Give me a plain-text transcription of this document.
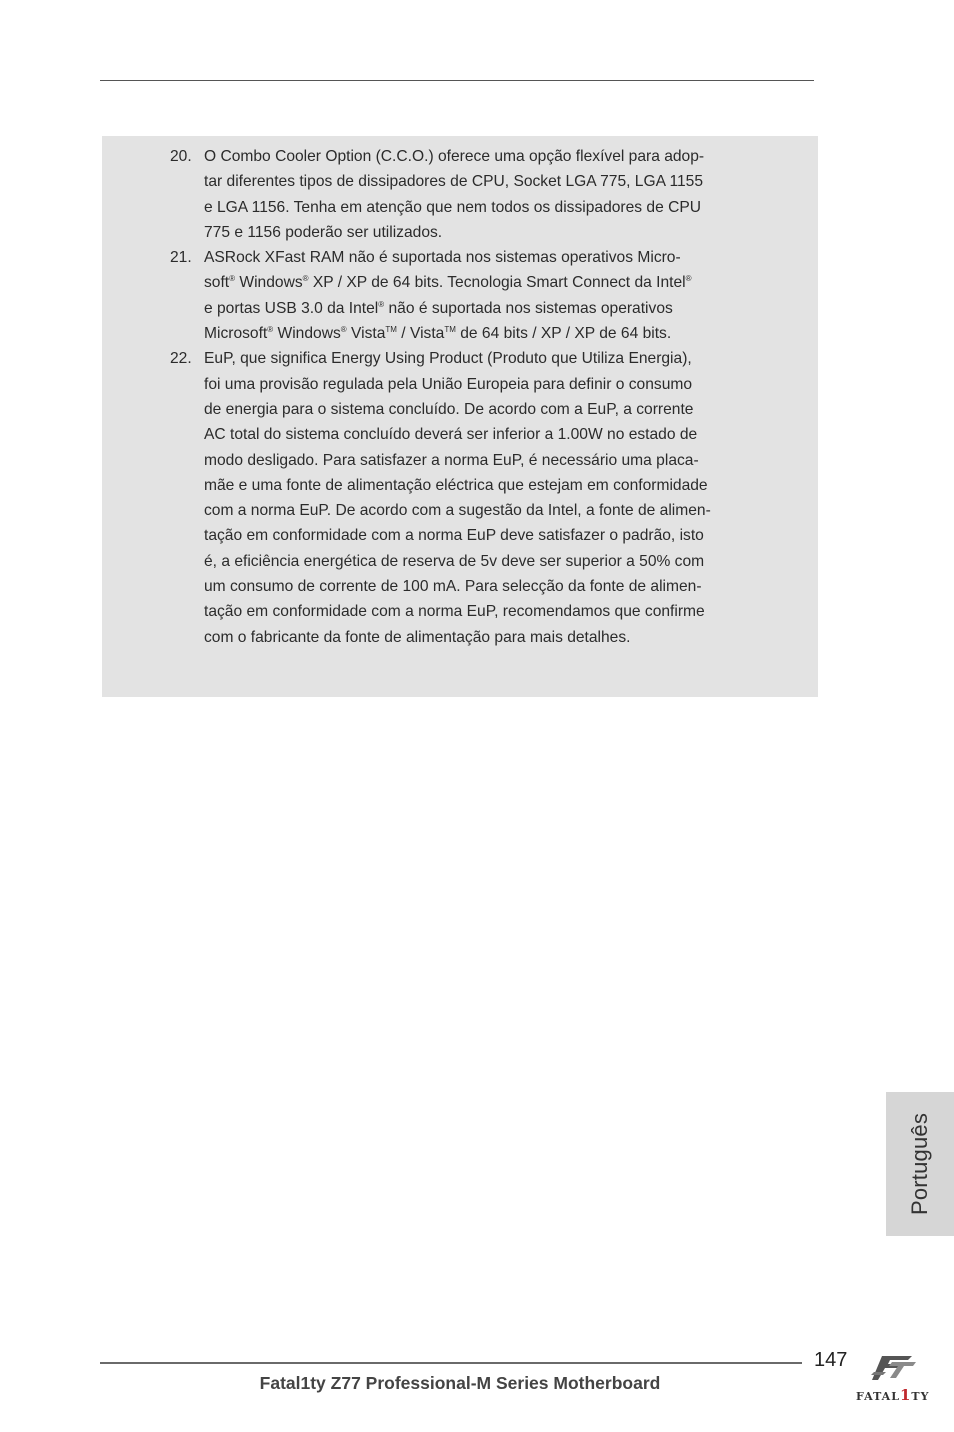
20. O Combo Cooler Option (C.C.O.) oferece uma opção flexível para adop-
tar diferentes tipos de dissipadores de CPU, Socket LGA 775, LGA 1155
e LGA 1156. Tenha em atenção que nem todos os dissipadores de CPU
775 e 1156 poderão ser utilizados.
21. ASRock XFast RAM não é suportada nos sistemas operativos Micro-
soft® Windows® XP / XP de 64 bits. Tecnologia Smart Connect da Intel®
e portas USB 3.0 da Intel® não é suportada nos sistemas operativos
Microsoft® Windows® Vista™ / Vista™ de 64 bits / XP / XP de 64 bits.
22. EuP, que significa Energy Using Product (Produto que Utiliza Energia),
foi uma provisão regulada pela União Europeia para definir o consumo
de energia para o sistema concluído. De acordo com a EuP, a corrente
AC total do sistema concluído deverá ser inferior a 1.00W no estado de
modo desligado. Para satisfazer a norma EuP, é necessário uma placa-
mãe e uma fonte de alimentação eléctrica que estejam em conformidade
com a norma EuP. De acordo com a sugestão da Intel, a fonte de alimen-
tação em conformidade com a norma EuP deve satisfazer o padrão, isto
é, a eficiência energética de reserva de 5v deve ser superior a 50% com
um consumo de corrente de 100 mA. Para selecção da fonte de alimen-
tação em conformidade com a norma EuP, recomendamos que confirme
com o fabricante da fonte de alimentação para mais detalhes.
Português
147
Fatal1ty Z77 Professional-M Series Motherboard
FATAL1TY
